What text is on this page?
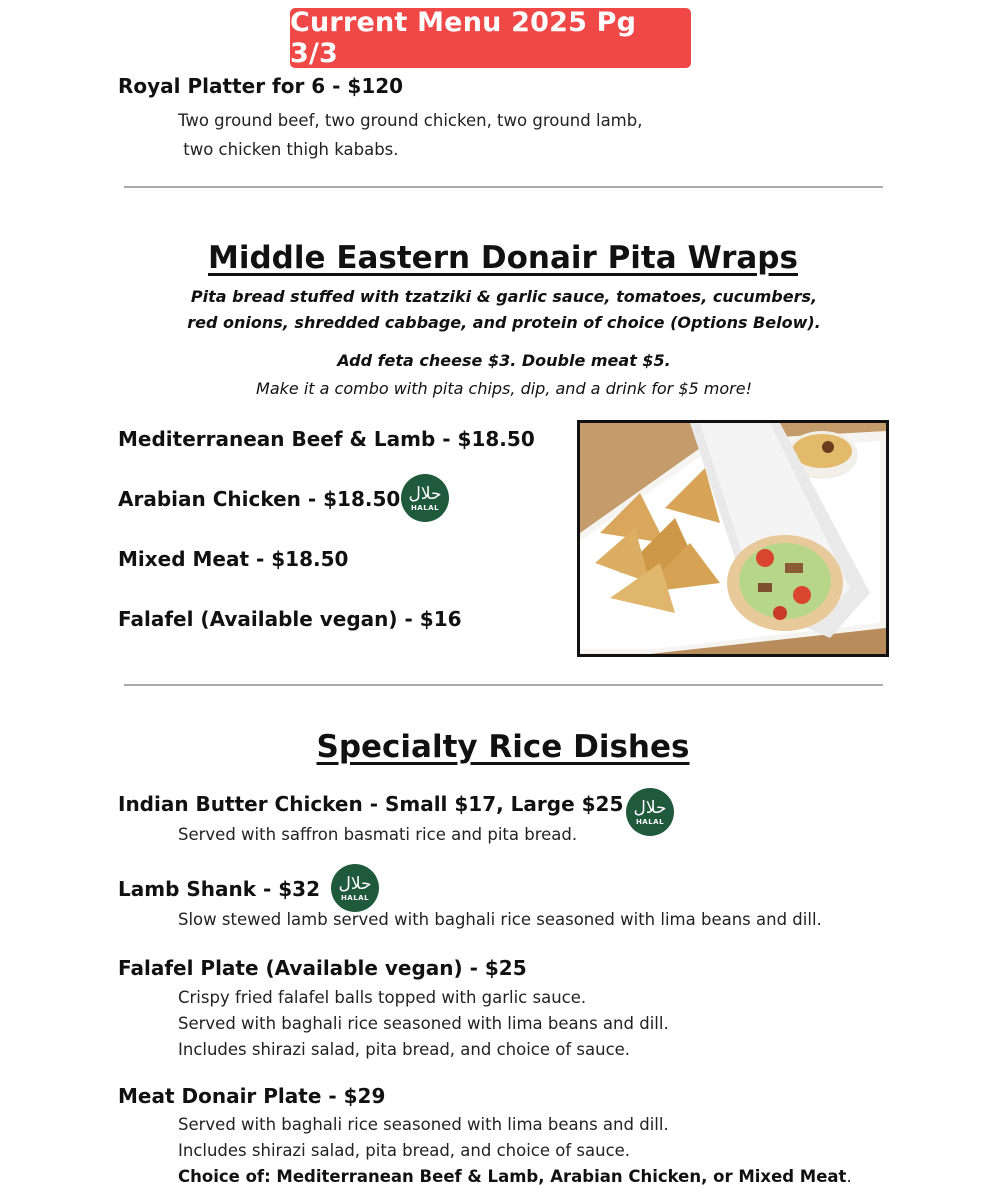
Current Menu 2025 Pg 3/3
Royal Platter for 6 - $120
Two ground beef, two ground chicken, two ground lamb,
two chicken thigh kababs.
Middle Eastern Donair Pita Wraps
Pita bread stuffed with tzatziki & garlic sauce, tomatoes, cucumbers,
red onions, shredded cabbage, and protein of choice (Options Below).
Add feta cheese $3. Double meat $5.
Make it a combo with pita chips, dip, and a drink for $5 more!
Mediterranean Beef & Lamb - $18.50
Arabian Chicken - $18.50 حلال
HALAL
Mixed Meat - $18.50
Falafel (Available vegan) - $16
Specialty Rice Dishes
Indian Butter Chicken - Small $17, Large $25 حلال
HALAL
Served with saffron basmati rice and pita bread.
Lamb Shank - $32 حلال
HALAL
Slow stewed lamb served with baghali rice seasoned with lima beans and dill.
Falafel Plate (Available vegan) - $25
Crispy fried falafel balls topped with garlic sauce.
Served with baghali rice seasoned with lima beans and dill.
Includes shirazi salad, pita bread, and choice of sauce.
Meat Donair Plate - $29
Served with baghali rice seasoned with lima beans and dill.
Includes shirazi salad, pita bread, and choice of sauce.
Choice of: Mediterranean Beef & Lamb, Arabian Chicken, or Mixed Meat.
